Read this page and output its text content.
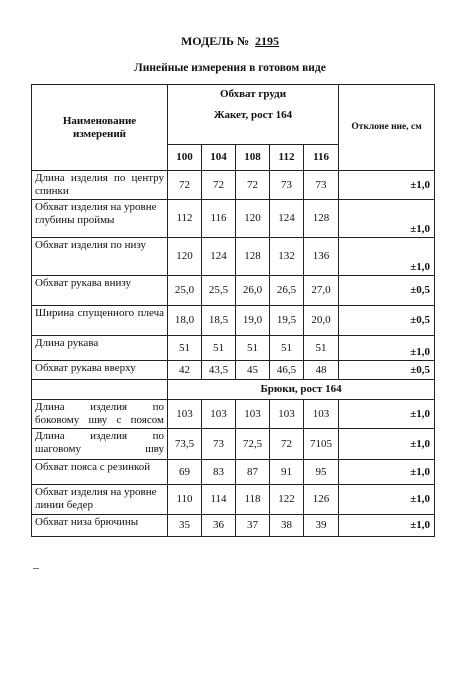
МОДЕЛЬ № 2195
Линейные измерения в готовом виде
Наименование измерений	Обхват груди
Жакет, рост 164					Отклоне ние, см
	100	104	108	112	116	
Длина изделия по центру спинки	72	72	72	73	73	±1,0
Обхват изделия на уровне глубины проймы	112	116	120	124	128	±1,0
Обхват изделия по низу	120	124	128	132	136	±1,0
Обхват рукава внизу	25,0	25,5	26,0	26,5	27,0	±0,5
Ширина спущенного плеча	18,0	18,5	19,0	19,5	20,0	±0,5
Длина рукава	51	51	51	51	51	±1,0
Обхват рукава вверху	42	43,5	45	46,5	48	±0,5
	Брюки, рост 164					
Длина изделия по боковому шву с поясом	103	103	103	103	103	±1,0
Длина изделия по шаговому шву	73,5	73	72,5	72	7105	±1,0
Обхват пояса с резинкой	69	83	87	91	95	±1,0
Обхват изделия на уровне линии бедер	110	114	118	122	126	±1,0
Обхват низа брючины	35	36	37	38	39	±1,0
–
